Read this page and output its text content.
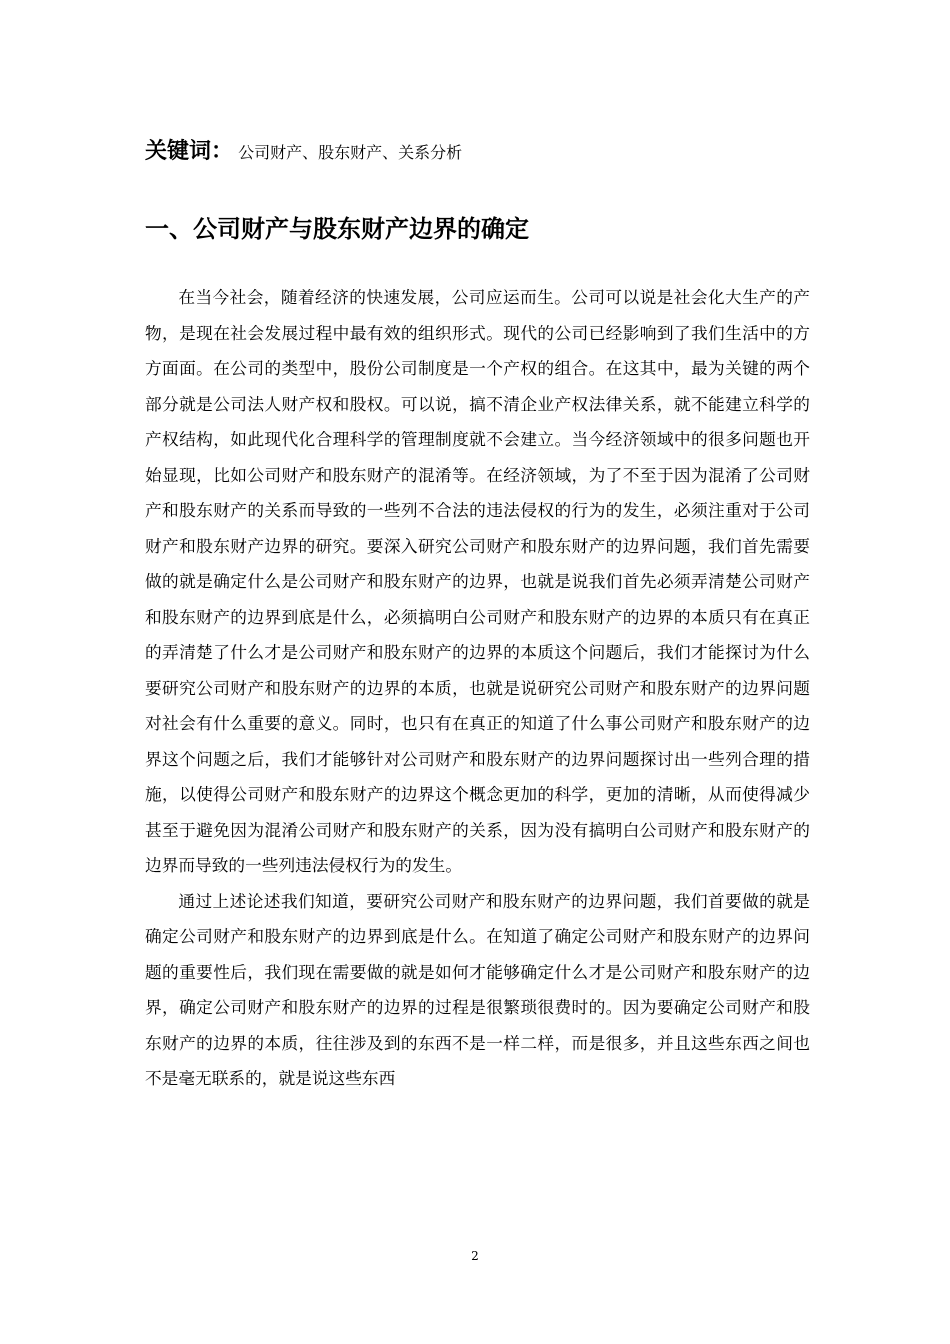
关键词： 公司财产、股东财产、关系分析
一、公司财产与股东财产边界的确定

在当今社会，随着经济的快速发展，公司应运而生。公司可以说是社会化大生产的产物，是现在社会发展过程中最有效的组织形式。现代的公司已经影响到了我们生活中的方方面面。在公司的类型中，股份公司制度是一个产权的组合。在这其中，最为关键的两个部分就是公司法人财产权和股权。可以说，搞不清企业产权法律关系，就不能建立科学的产权结构，如此现代化合理科学的管理制度就不会建立。当今经济领域中的很多问题也开始显现，比如公司财产和股东财产的混淆等。在经济领域，为了不至于因为混淆了公司财产和股东财产的关系而导致的一些列不合法的违法侵权的行为的发生，必须注重对于公司财产和股东财产边界的研究。要深入研究公司财产和股东财产的边界问题，我们首先需要做的就是确定什么是公司财产和股东财产的边界，也就是说我们首先必须弄清楚公司财产和股东财产的边界到底是什么，必须搞明白公司财产和股东财产的边界的本质只有在真正的弄清楚了什么才是公司财产和股东财产的边界的本质这个问题后，我们才能探讨为什么要研究公司财产和股东财产的边界的本质，也就是说研究公司财产和股东财产的边界问题对社会有什么重要的意义。同时，也只有在真正的知道了什么事公司财产和股东财产的边界这个问题之后，我们才能够针对公司财产和股东财产的边界问题探讨出一些列合理的措施，以使得公司财产和股东财产的边界这个概念更加的科学，更加的清晰，从而使得减少甚至于避免因为混淆公司财产和股东财产的关系，因为没有搞明白公司财产和股东财产的边界而导致的一些列违法侵权行为的发生。

通过上述论述我们知道，要研究公司财产和股东财产的边界问题，我们首要做的就是确定公司财产和股东财产的边界到底是什么。在知道了确定公司财产和股东财产的边界问题的重要性后，我们现在需要做的就是如何才能够确定什么才是公司财产和股东财产的边界，确定公司财产和股东财产的边界的过程是很繁琐很费时的。因为要确定公司财产和股东财产的边界的本质，往往涉及到的东西不是一样二样，而是很多，并且这些东西之间也不是毫无联系的，就是说这些东西

2
